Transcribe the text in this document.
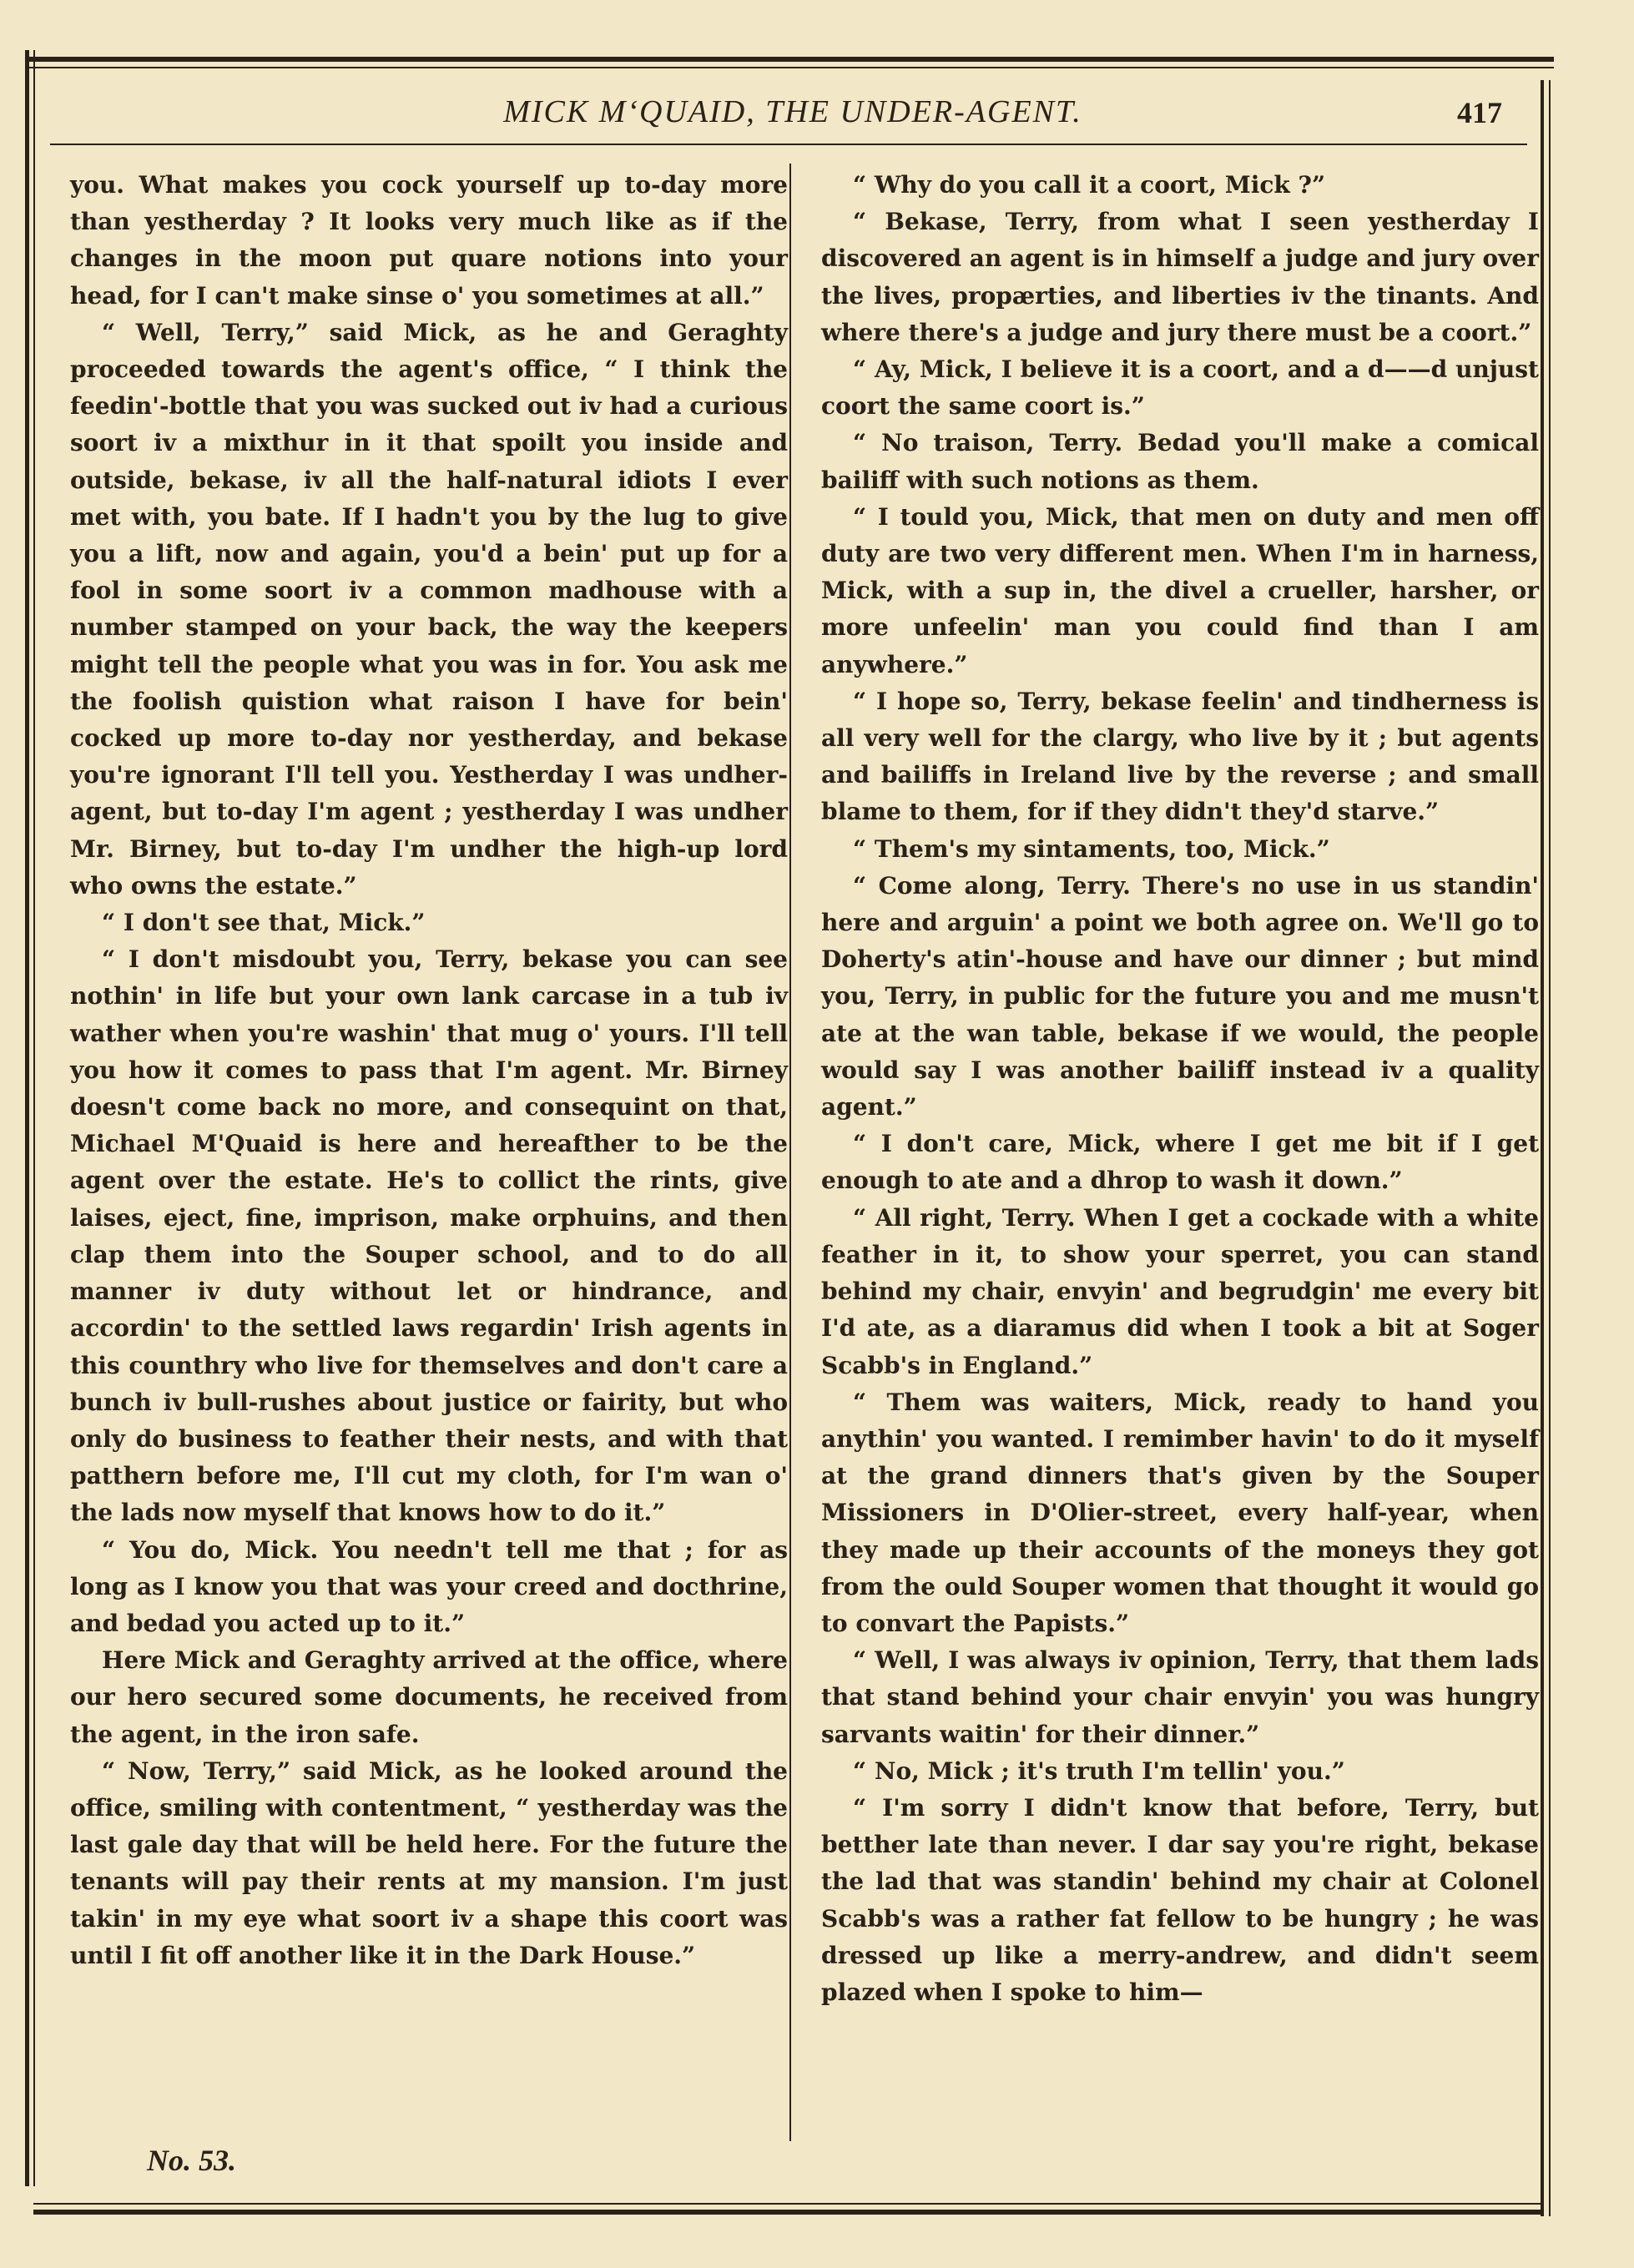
MICK M‘QUAID, THE UNDER-AGENT.	417

you. What makes you cock yourself up to-day more than yestherday ? It looks very much like as if the changes in the moon put quare notions into your head, for I can't make sinse o' you sometimes at all.”

“ Well, Terry,” said Mick, as he and Geraghty proceeded towards the agent's office, “ I think the feedin'-bottle that you was sucked out iv had a curious soort iv a mixthur in it that spoilt you inside and outside, bekase, iv all the half-natural idiots I ever met with, you bate. If I hadn't you by the lug to give you a lift, now and again, you'd a bein' put up for a fool in some soort iv a common madhouse with a number stamped on your back, the way the keepers might tell the people what you was in for. You ask me the foolish quistion what raison I have for bein' cocked up more to-day nor yestherday, and bekase you're ignorant I'll tell you. Yestherday I was undher-agent, but to-day I'm agent ; yestherday I was undher Mr. Birney, but to-day I'm undher the high-up lord who owns the estate.”

“ I don't see that, Mick.”

“ I don't misdoubt you, Terry, bekase you can see nothin' in life but your own lank carcase in a tub iv wather when you're washin' that mug o' yours. I'll tell you how it comes to pass that I'm agent. Mr. Birney doesn't come back no more, and consequint on that, Michael M'Quaid is here and hereafther to be the agent over the estate. He's to collict the rints, give laises, eject, fine, imprison, make orphuins, and then clap them into the Souper school, and to do all manner iv duty without let or hindrance, and accordin' to the settled laws regardin' Irish agents in this counthry who live for themselves and don't care a bunch iv bull-rushes about justice or fairity, but who only do business to feather their nests, and with that patthern before me, I'll cut my cloth, for I'm wan o' the lads now myself that knows how to do it.”

“ You do, Mick. You needn't tell me that ; for as long as I know you that was your creed and docthrine, and bedad you acted up to it.”

Here Mick and Geraghty arrived at the office, where our hero secured some documents, he received from the agent, in the iron safe.

“ Now, Terry,” said Mick, as he looked around the office, smiling with contentment, “ yestherday was the last gale day that will be held here. For the future the tenants will pay their rents at my mansion. I'm just takin' in my eye what soort iv a shape this coort was until I fit off another like it in the Dark House.”

“ Why do you call it a coort, Mick ?”

“ Bekase, Terry, from what I seen yestherday I discovered an agent is in himself a judge and jury over the lives, propærties, and liberties iv the tinants. And where there's a judge and jury there must be a coort.”

“ Ay, Mick, I believe it is a coort, and a d——d unjust coort the same coort is.”

“ No traison, Terry. Bedad you'll make a comical bailiff with such notions as them.

“ I tould you, Mick, that men on duty and men off duty are two very different men. When I'm in harness, Mick, with a sup in, the divel a crueller, harsher, or more unfeelin' man you could find than I am anywhere.”

“ I hope so, Terry, bekase feelin' and tindherness is all very well for the clargy, who live by it ; but agents and bailiffs in Ireland live by the reverse ; and small blame to them, for if they didn't they'd starve.”

“ Them's my sintaments, too, Mick.”

“ Come along, Terry. There's no use in us standin' here and arguin' a point we both agree on. We'll go to Doherty's atin'-house and have our dinner ; but mind you, Terry, in public for the future you and me musn't ate at the wan table, bekase if we would, the people would say I was another bailiff instead iv a quality agent.”

“ I don't care, Mick, where I get me bit if I get enough to ate and a dhrop to wash it down.”

“ All right, Terry. When I get a cockade with a white feather in it, to show your sperret, you can stand behind my chair, envyin' and begrudgin' me every bit I'd ate, as a diaramus did when I took a bit at Soger Scabb's in England.”

“ Them was waiters, Mick, ready to hand you anythin' you wanted. I remimber havin' to do it myself at the grand dinners that's given by the Souper Missioners in D'Olier-street, every half-year, when they made up their accounts of the moneys they got from the ould Souper women that thought it would go to convart the Papists.”

“ Well, I was always iv opinion, Terry, that them lads that stand behind your chair envyin' you was hungry sarvants waitin' for their dinner.”

“ No, Mick ; it's truth I'm tellin' you.”

“ I'm sorry I didn't know that before, Terry, but betther late than never. I dar say you're right, bekase the lad that was standin' behind my chair at Colonel Scabb's was a rather fat fellow to be hungry ; he was dressed up like a merry-andrew, and didn't seem plazed when I spoke to him—

No. 53.
